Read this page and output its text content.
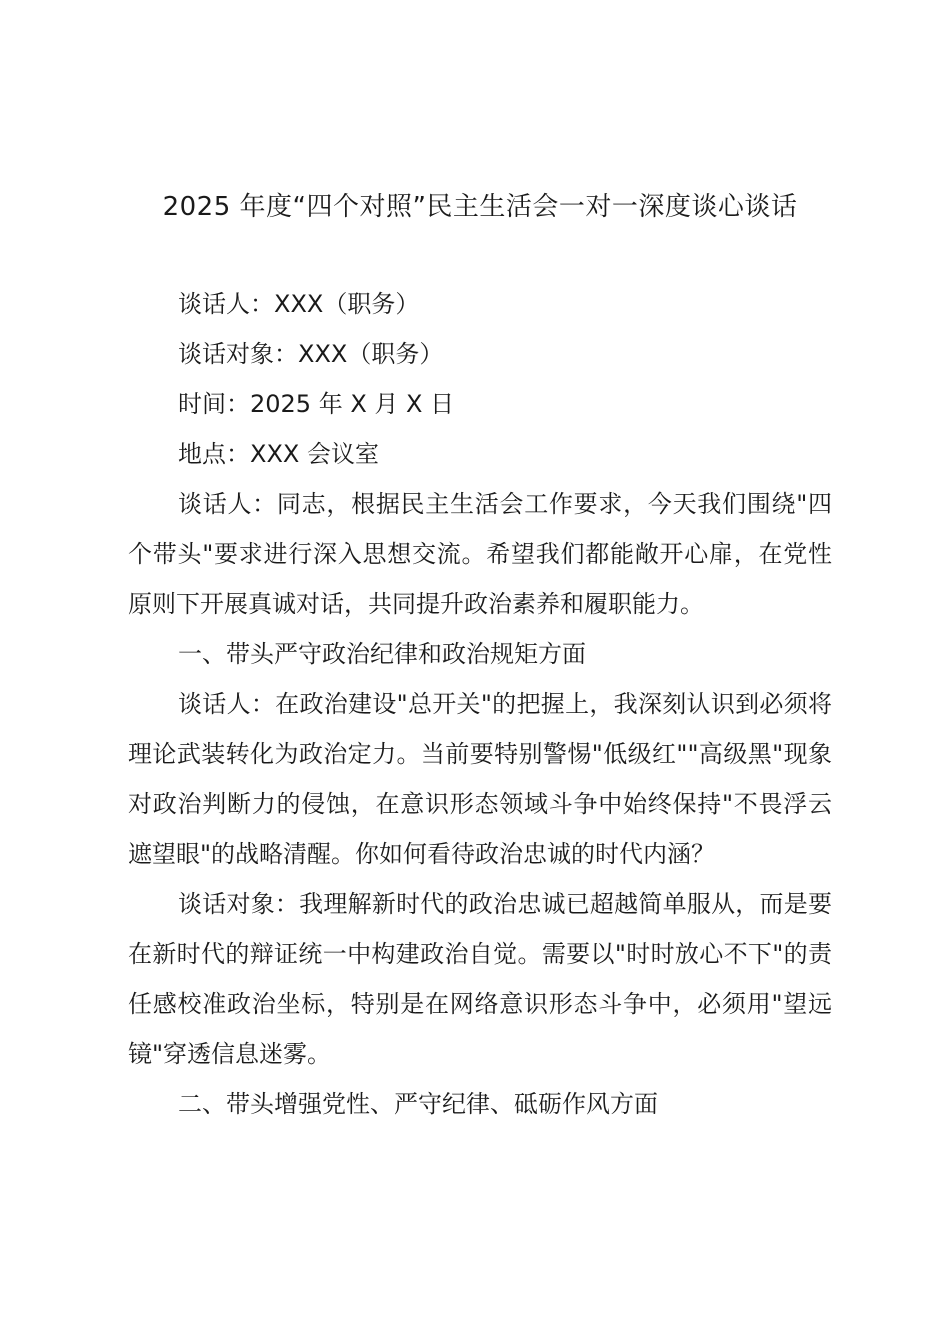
2025 年度“四个对照”民主生活会一对一深度谈心谈话

谈话人：XXX（职务）

谈话对象：XXX（职务）

时间：2025 年 X 月 X 日

地点：XXX 会议室

谈话人：同志，根据民主生活会工作要求，今天我们围绕"四个带头"要求进行深入思想交流。希望我们都能敞开心扉，在党性原则下开展真诚对话，共同提升政治素养和履职能力。

一、带头严守政治纪律和政治规矩方面

谈话人：在政治建设"总开关"的把握上，我深刻认识到必须将理论武装转化为政治定力。当前要特别警惕"低级红""高级黑"现象对政治判断力的侵蚀，在意识形态领域斗争中始终保持"不畏浮云遮望眼"的战略清醒。你如何看待政治忠诚的时代内涵？

谈话对象：我理解新时代的政治忠诚已超越简单服从，而是要在新时代的辩证统一中构建政治自觉。需要以"时时放心不下"的责任感校准政治坐标，特别是在网络意识形态斗争中，必须用"望远镜"穿透信息迷雾。

二、带头增强党性、严守纪律、砥砺作风方面
